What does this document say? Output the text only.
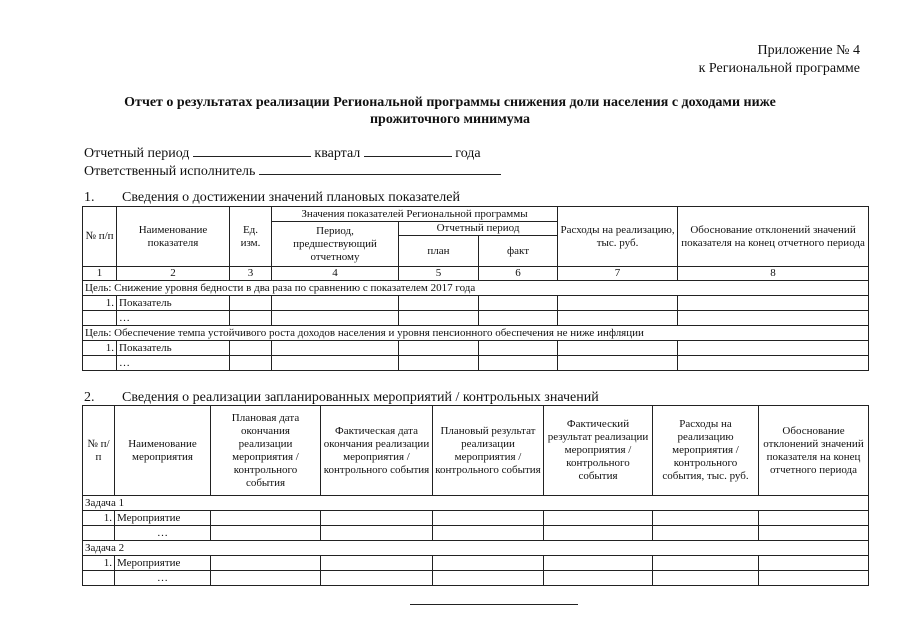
Приложение № 4
к Региональной программе
Отчет о результатах реализации Региональной программы снижения доли населения с доходами ниже
прожиточного минимума
Отчетный период	квартал	года
Ответственный исполнитель
1. Сведения о достижении значений плановых показателей
№ п/п	Наименование показателя	Ед. изм.	Значения показателей Региональной программы			Расходы на реализацию, тыс. руб.	Обоснование отклонений значений показателя на конец отчетного периода
			Период, предшествующий отчетному	Отчетный период			
				план	факт		
1	2	3	4	5	6	7	8
Цель: Снижение уровня бедности в два раза по сравнению с показателем 2017 года							
1.	Показатель						
	…						
Цель: Обеспечение темпа устойчивого роста доходов населения и уровня пенсионного обеспечения не ниже инфляции							
1.	Показатель						
	…						
2. Сведения о реализации запланированных мероприятий / контрольных значений
№ п/п	Наименование мероприятия	Плановая дата окончания реализации мероприятия / контрольного события	Фактическая дата окончания реализации мероприятия / контрольного события	Плановый результат реализации мероприятия / контрольного события	Фактический результат реализации мероприятия / контрольного события	Расходы на реализацию мероприятия / контрольного события, тыс. руб.	Обоснование отклонений значений показателя на конец отчетного периода
Задача 1							
1.	Мероприятие						
	…						
Задача 2							
1.	Мероприятие						
	…						
